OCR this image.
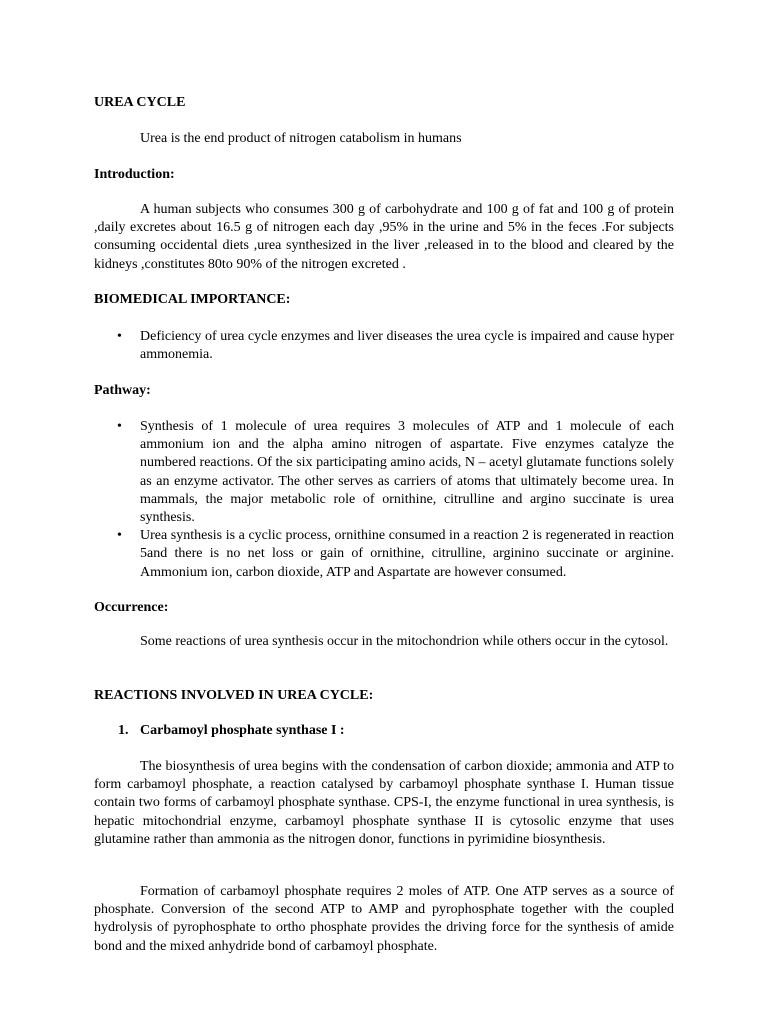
UREA CYCLE

Urea is the end product of nitrogen catabolism in humans

Introduction:

A human subjects who consumes 300 g of carbohydrate and 100 g of fat and 100 g of protein ,daily excretes about 16.5 g of nitrogen each day ,95% in the urine and 5% in the feces .For subjects consuming occidental diets ,urea synthesized in the liver ,released in to the blood and cleared by the kidneys ,constitutes 80to 90% of the nitrogen excreted .

BIOMEDICAL IMPORTANCE:
• Deficiency of urea cycle enzymes and liver diseases the urea cycle is impaired and cause hyper ammonemia.
Pathway:
• Synthesis of 1 molecule of urea requires 3 molecules of ATP and 1 molecule of each ammonium ion and the alpha amino nitrogen of aspartate. Five enzymes catalyze the numbered reactions. Of the six participating amino acids, N – acetyl glutamate functions solely as an enzyme activator. The other serves as carriers of atoms that ultimately become urea. In mammals, the major metabolic role of ornithine, citrulline and argino succinate is urea synthesis.
• Urea synthesis is a cyclic process, ornithine consumed in a reaction 2 is regenerated in reaction 5and there is no net loss or gain of ornithine, citrulline, arginino succinate or arginine. Ammonium ion, carbon dioxide, ATP and Aspartate are however consumed.
Occurrence:

Some reactions of urea synthesis occur in the mitochondrion while others occur in the cytosol.

REACTIONS INVOLVED IN UREA CYCLE:

1. Carbamoyl phosphate synthase I :

The biosynthesis of urea begins with the condensation of carbon dioxide; ammonia and ATP to form carbamoyl phosphate, a reaction catalysed by carbamoyl phosphate synthase I. Human tissue contain two forms of carbamoyl phosphate synthase. CPS-I, the enzyme functional in urea synthesis, is hepatic mitochondrial enzyme, carbamoyl phosphate synthase II is cytosolic enzyme that uses glutamine rather than ammonia as the nitrogen donor, functions in pyrimidine biosynthesis.

Formation of carbamoyl phosphate requires 2 moles of ATP. One ATP serves as a source of phosphate. Conversion of the second ATP to AMP and pyrophosphate together with the coupled hydrolysis of pyrophosphate to ortho phosphate provides the driving force for the synthesis of amide bond and the mixed anhydride bond of carbamoyl phosphate.
